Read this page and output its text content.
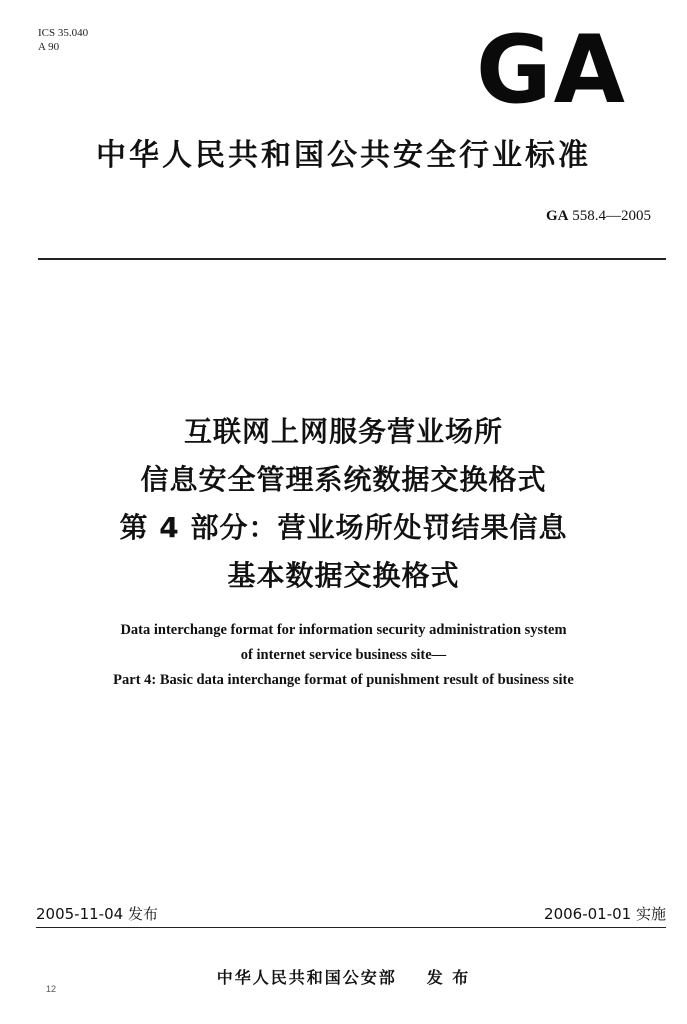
ICS 35.040
A 90	GA
中华人民共和国公共安全行业标准
GA 558.4—2005
互联网上网服务营业场所
信息安全管理系统数据交换格式
第 4 部分：营业场所处罚结果信息
基本数据交换格式
Data interchange format for information security administration system
of internet service business site—
Part 4: Basic data interchange format of punishment result of business site
2005-11-04 发布	2006-01-01 实施
中华人民共和国公安部 发 布
12
